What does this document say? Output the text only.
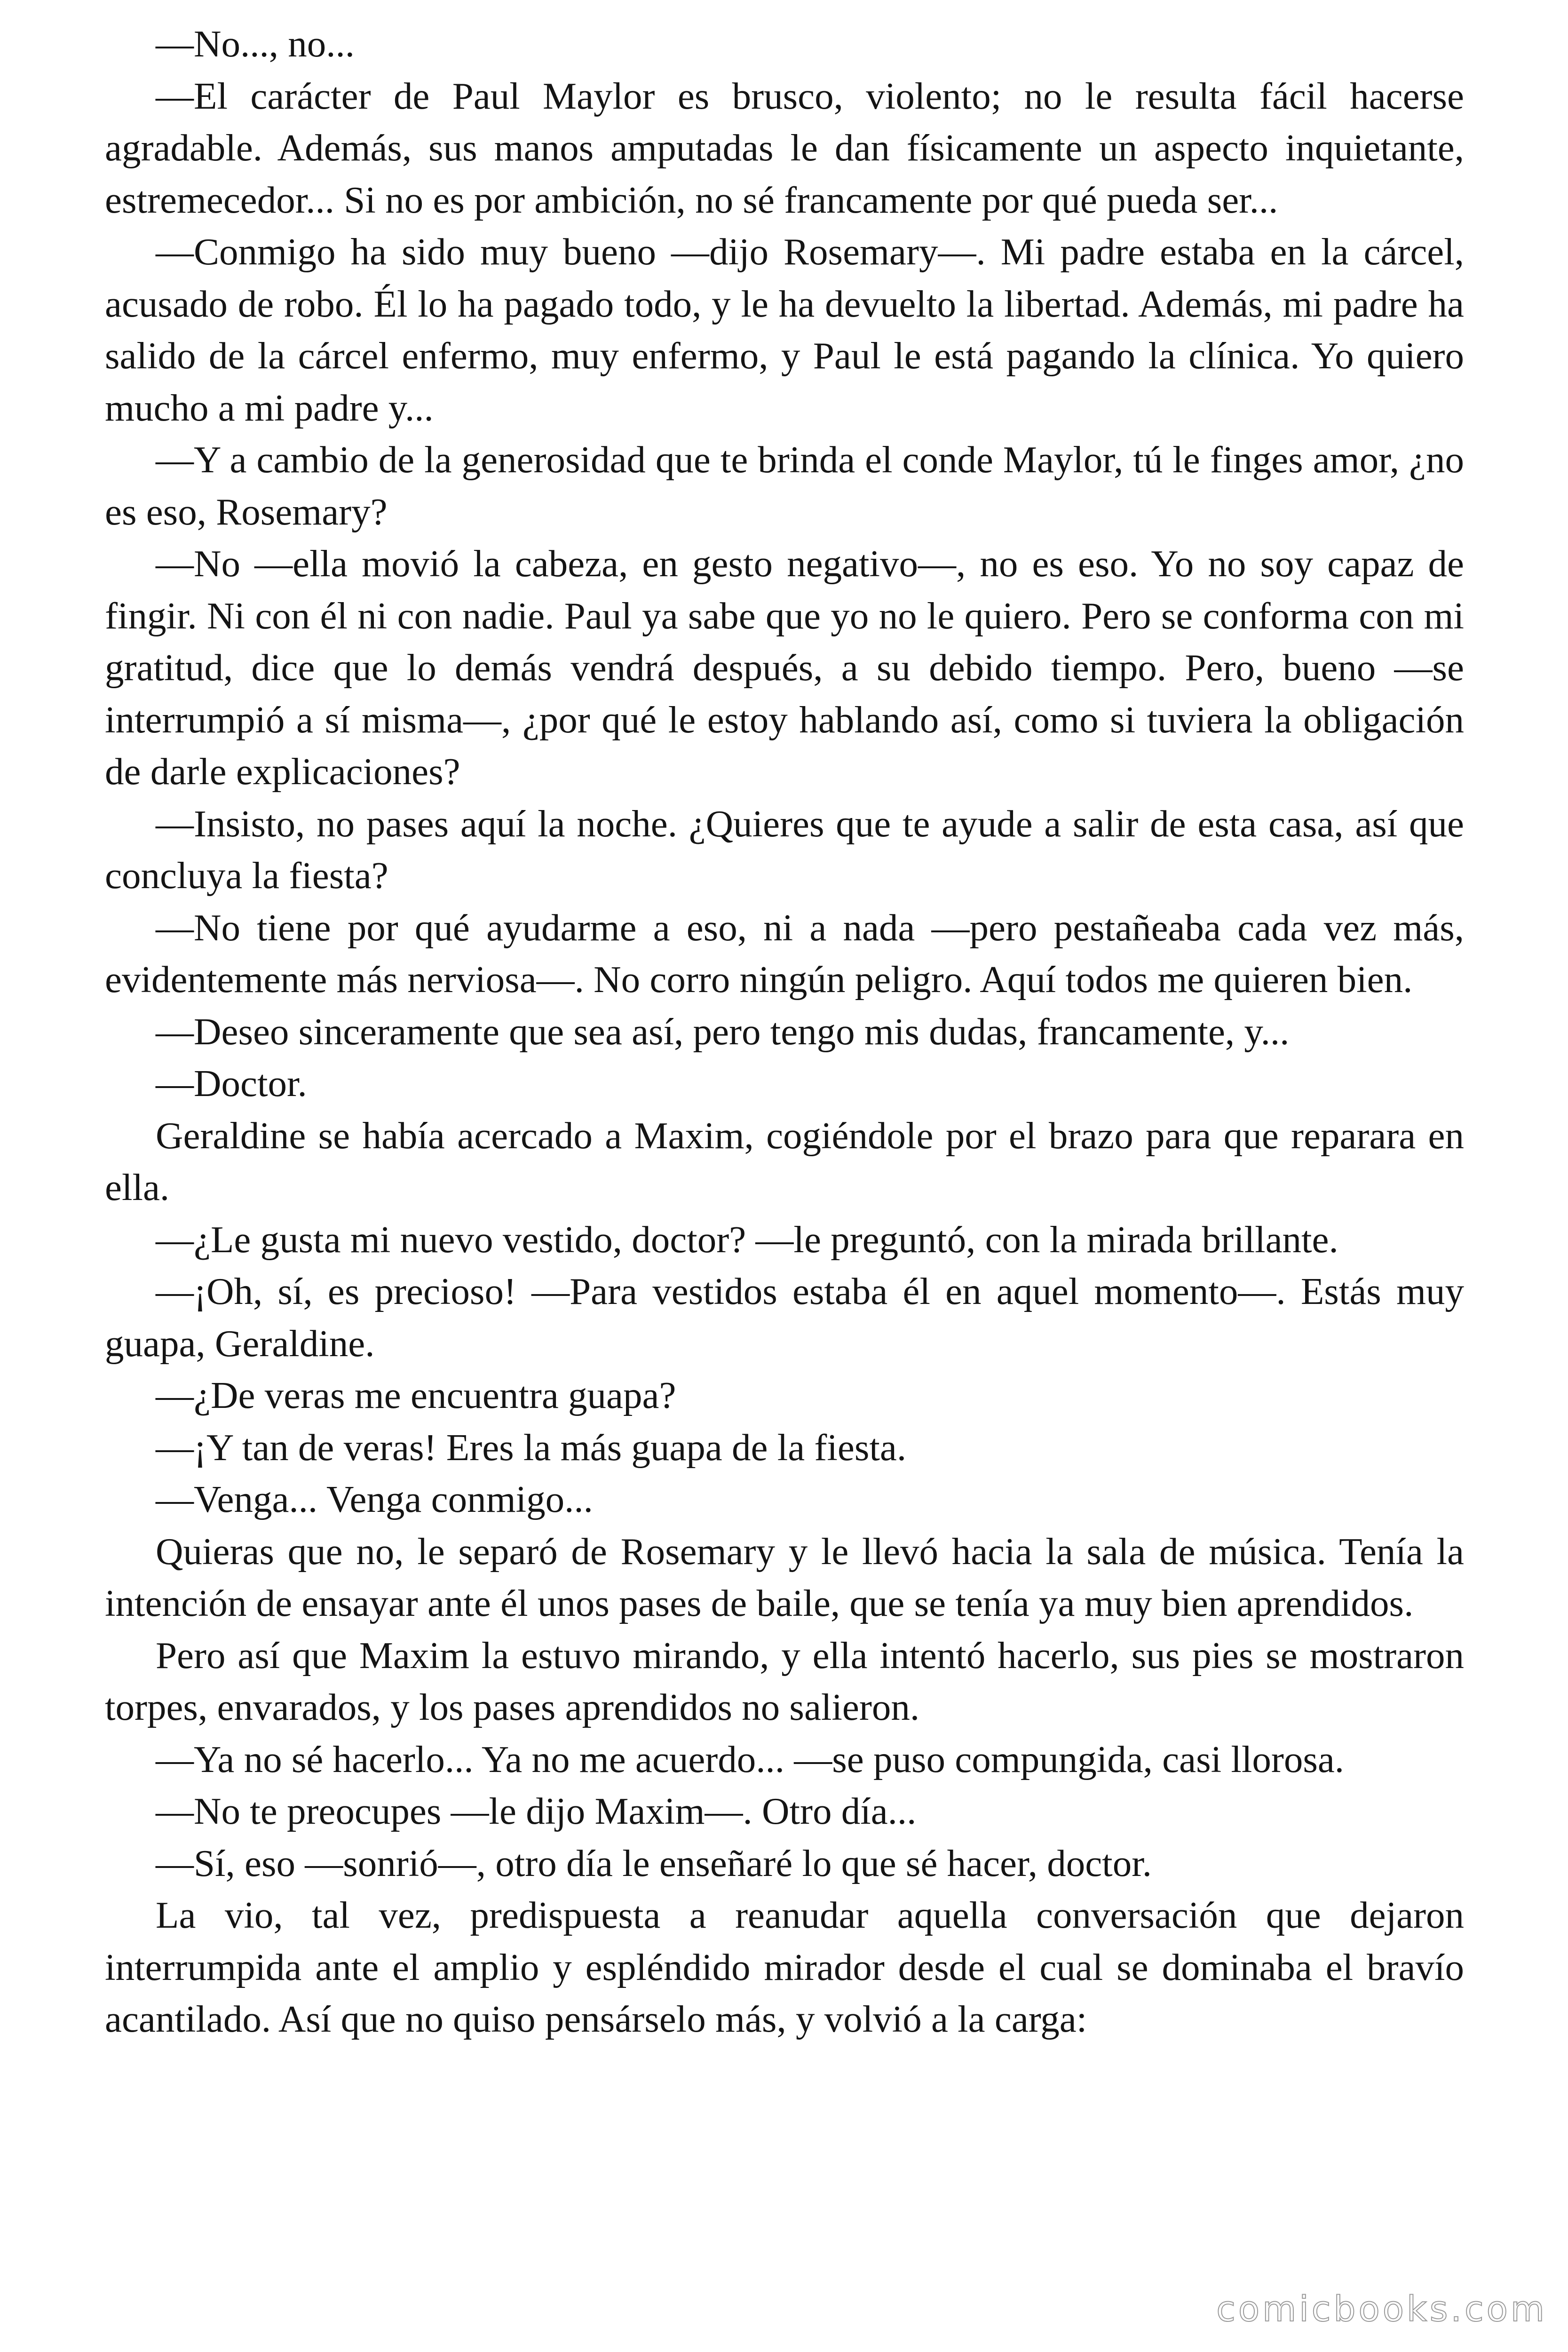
—No..., no...

—El carácter de Paul Maylor es brusco, violento; no le resulta fácil hacerse agradable. Además, sus manos amputadas le dan físicamente un aspecto inquietante, estremecedor... Si no es por ambición, no sé francamente por qué pueda ser...

—Conmigo ha sido muy bueno —dijo Rosemary—. Mi padre estaba en la cárcel, acusado de robo. Él lo ha pagado todo, y le ha devuelto la libertad. Además, mi padre ha salido de la cárcel enfermo, muy enfermo, y Paul le está pagando la clínica. Yo quiero mucho a mi padre y...

—Y a cambio de la generosidad que te brinda el conde Maylor, tú le finges amor, ¿no es eso, Rosemary?

—No —ella movió la cabeza, en gesto negativo—, no es eso. Yo no soy capaz de fingir. Ni con él ni con nadie. Paul ya sabe que yo no le quiero. Pero se conforma con mi gratitud, dice que lo demás vendrá después, a su debido tiempo. Pero, bueno —se interrumpió a sí misma—, ¿por qué le estoy hablando así, como si tuviera la obligación de darle explicaciones?

—Insisto, no pases aquí la noche. ¿Quieres que te ayude a salir de esta casa, así que concluya la fiesta?

—No tiene por qué ayudarme a eso, ni a nada —pero pestañeaba cada vez más, evidentemente más nerviosa—. No corro ningún peligro. Aquí todos me quieren bien.

—Deseo sinceramente que sea así, pero tengo mis dudas, francamente, y...

—Doctor.

Geraldine se había acercado a Maxim, cogiéndole por el brazo para que reparara en ella.

—¿Le gusta mi nuevo vestido, doctor? —le preguntó, con la mirada brillante.

—¡Oh, sí, es precioso! —Para vestidos estaba él en aquel momento—. Estás muy guapa, Geraldine.

—¿De veras me encuentra guapa?

—¡Y tan de veras! Eres la más guapa de la fiesta.

—Venga... Venga conmigo...

Quieras que no, le separó de Rosemary y le llevó hacia la sala de música. Tenía la intención de ensayar ante él unos pases de baile, que se tenía ya muy bien aprendidos.

Pero así que Maxim la estuvo mirando, y ella intentó hacerlo, sus pies se mostraron torpes, envarados, y los pases aprendidos no salieron.

—Ya no sé hacerlo... Ya no me acuerdo... —se puso compungida, casi llorosa.

—No te preocupes —le dijo Maxim—. Otro día...

—Sí, eso —sonrió—, otro día le enseñaré lo que sé hacer, doctor.

La vio, tal vez, predispuesta a reanudar aquella conversación que dejaron interrumpida ante el amplio y espléndido mirador desde el cual se dominaba el bravío acantilado. Así que no quiso pensárselo más, y volvió a la carga:

comicbooks.com
